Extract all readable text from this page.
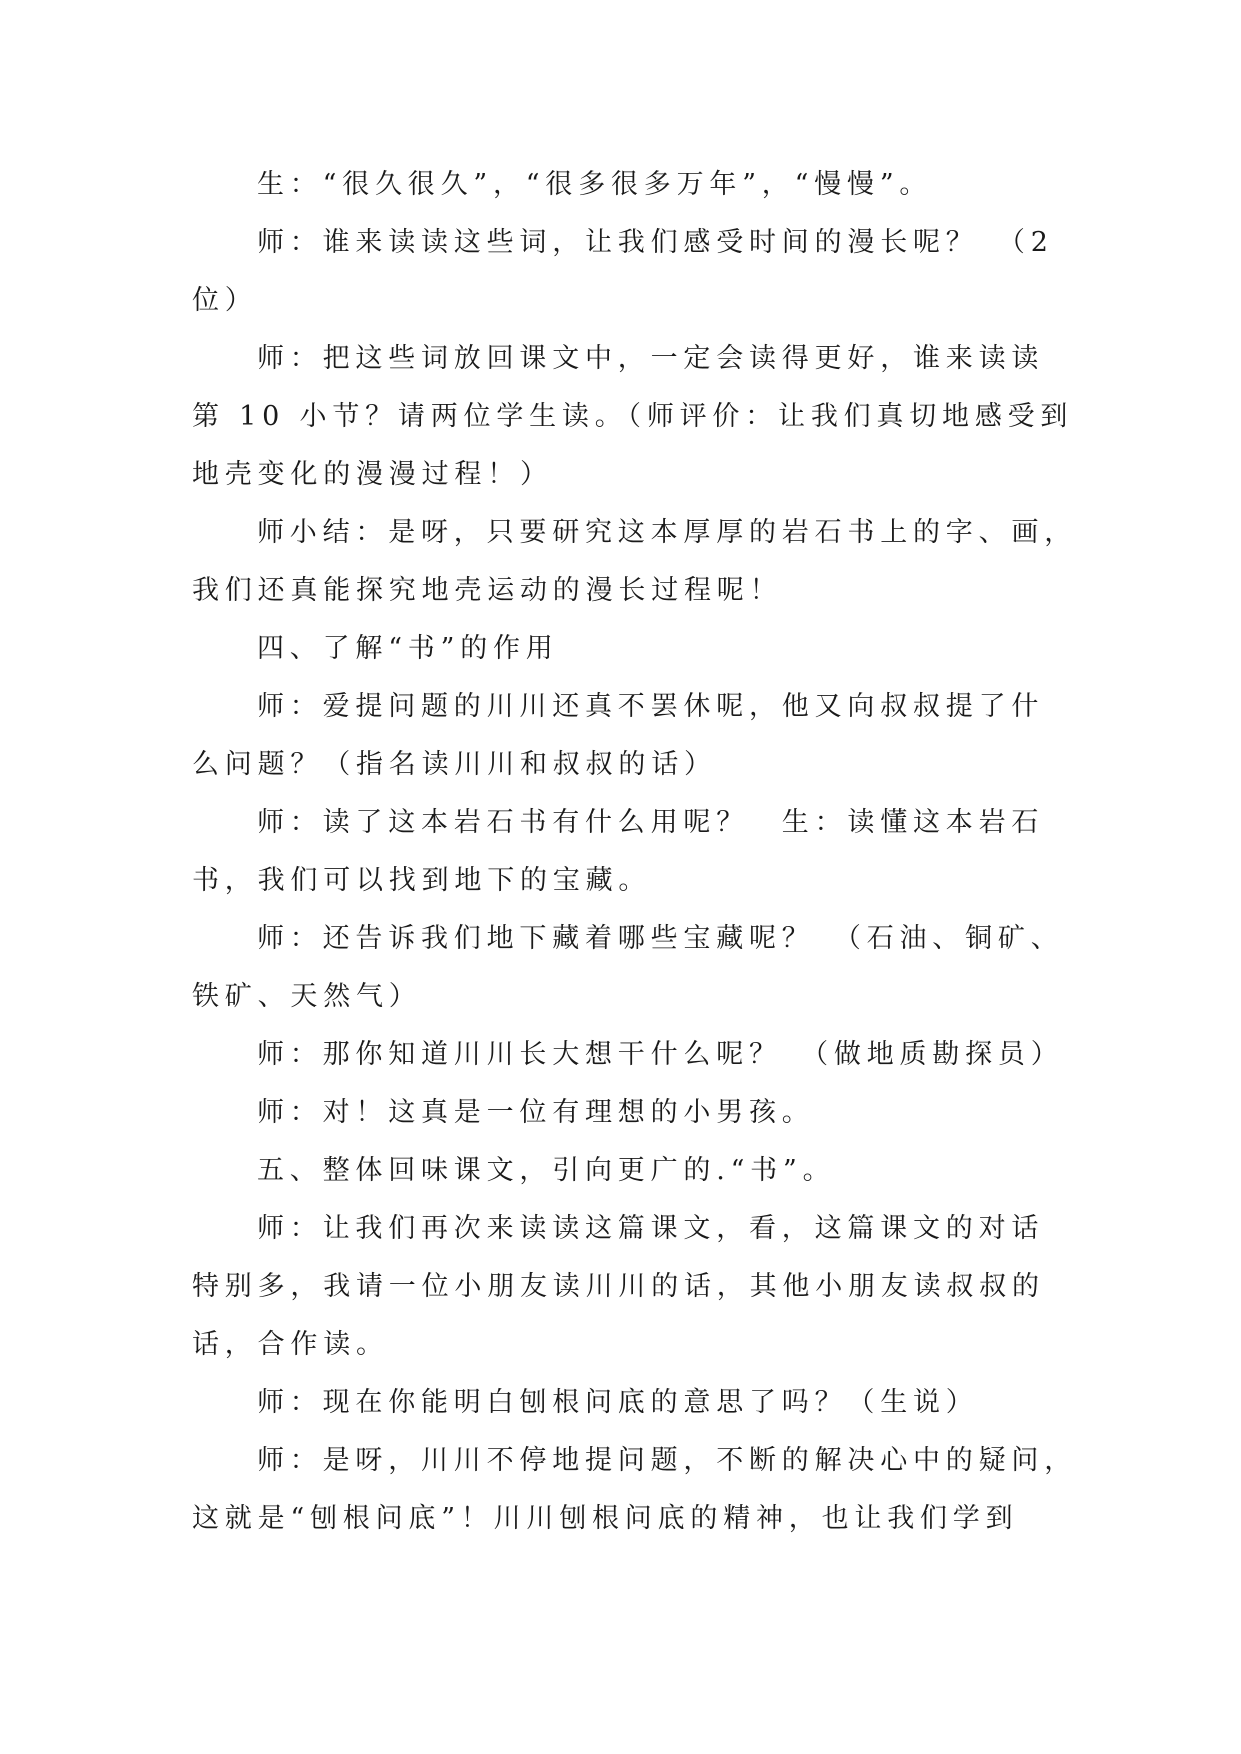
生：“很久很久”，“很多很多万年”，“慢慢”。
师：谁来读读这些词，让我们感受时间的漫长呢？　（2
位）
师：把这些词放回课文中，一定会读得更好，谁来读读
第 10 小节？请两位学生读。（师评价：让我们真切地感受到
地壳变化的漫漫过程！）
师小结：是呀，只要研究这本厚厚的岩石书上的字、画，
我们还真能探究地壳运动的漫长过程呢！
四、了解“书”的作用
师：爱提问题的川川还真不罢休呢，他又向叔叔提了什
么问题？（指名读川川和叔叔的话）
师：读了这本岩石书有什么用呢？　生：读懂这本岩石
书，我们可以找到地下的宝藏。
师：还告诉我们地下藏着哪些宝藏呢？　（石油、铜矿、
铁矿、天然气）
师：那你知道川川长大想干什么呢？　（做地质勘探员）
师：对！这真是一位有理想的小男孩。
五、整体回味课文，引向更广的.“书”。
师：让我们再次来读读这篇课文，看，这篇课文的对话
特别多，我请一位小朋友读川川的话，其他小朋友读叔叔的
话，合作读。
师：现在你能明白刨根问底的意思了吗？（生说）
师：是呀，川川不停地提问题，不断的解决心中的疑问，
这就是“刨根问底”！川川刨根问底的精神，也让我们学到
